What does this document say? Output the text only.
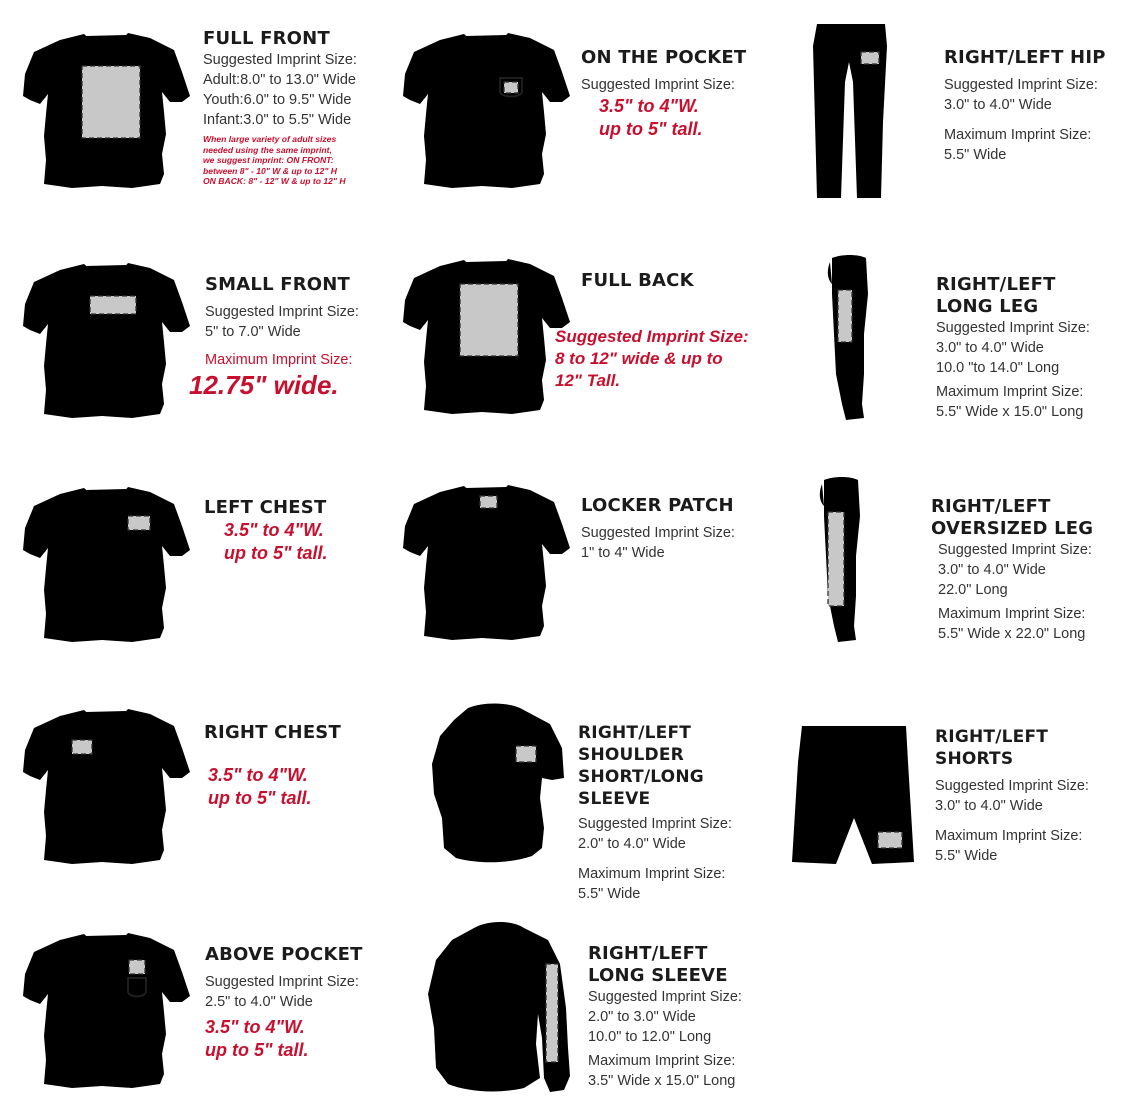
FULL FRONT
Suggested Imprint Size:
Adult:8.0" to 13.0" Wide
Youth:6.0" to 9.5" Wide
Infant:3.0" to 5.5" Wide
When large variety of adult sizes
needed using the same imprint,
we suggest imprint: ON FRONT:
between 8" - 10" W & up to 12" H
ON BACK: 8" - 12" W & up to 12" H
ON THE POCKET
Suggested Imprint Size:
3.5" to 4"W.
up to 5" tall.
RIGHT/LEFT HIP
Suggested Imprint Size:
3.0" to 4.0" Wide
Maximum Imprint Size:
5.5" Wide
SMALL FRONT
Suggested Imprint Size:
5" to 7.0" Wide
Maximum Imprint Size:
12.75" wide.
FULL BACK
Suggested Imprint Size:
8 to 12" wide & up to
12" Tall.
RIGHT/LEFT
LONG LEG
Suggested Imprint Size:
3.0" to 4.0" Wide
10.0 "to 14.0" Long
Maximum Imprint Size:
5.5" Wide x 15.0" Long
LEFT CHEST
3.5" to 4"W.
up to 5" tall.
LOCKER PATCH
Suggested Imprint Size:
1" to 4" Wide
RIGHT/LEFT
OVERSIZED LEG
Suggested Imprint Size:
3.0" to 4.0" Wide
22.0" Long
Maximum Imprint Size:
5.5" Wide x 22.0" Long
RIGHT CHEST
3.5" to 4"W.
up to 5" tall.
RIGHT/LEFT SHOULDER
SHORT/LONG SLEEVE
Suggested Imprint Size:
2.0" to 4.0" Wide
Maximum Imprint Size:
5.5" Wide
RIGHT/LEFT SHORTS
Suggested Imprint Size:
3.0" to 4.0" Wide
Maximum Imprint Size:
5.5" Wide
ABOVE POCKET
Suggested Imprint Size:
2.5" to 4.0" Wide
3.5" to 4"W.
up to 5" tall.
RIGHT/LEFT
LONG SLEEVE
Suggested Imprint Size:
2.0" to 3.0" Wide
10.0" to 12.0" Long
Maximum Imprint Size:
3.5" Wide x 15.0" Long
